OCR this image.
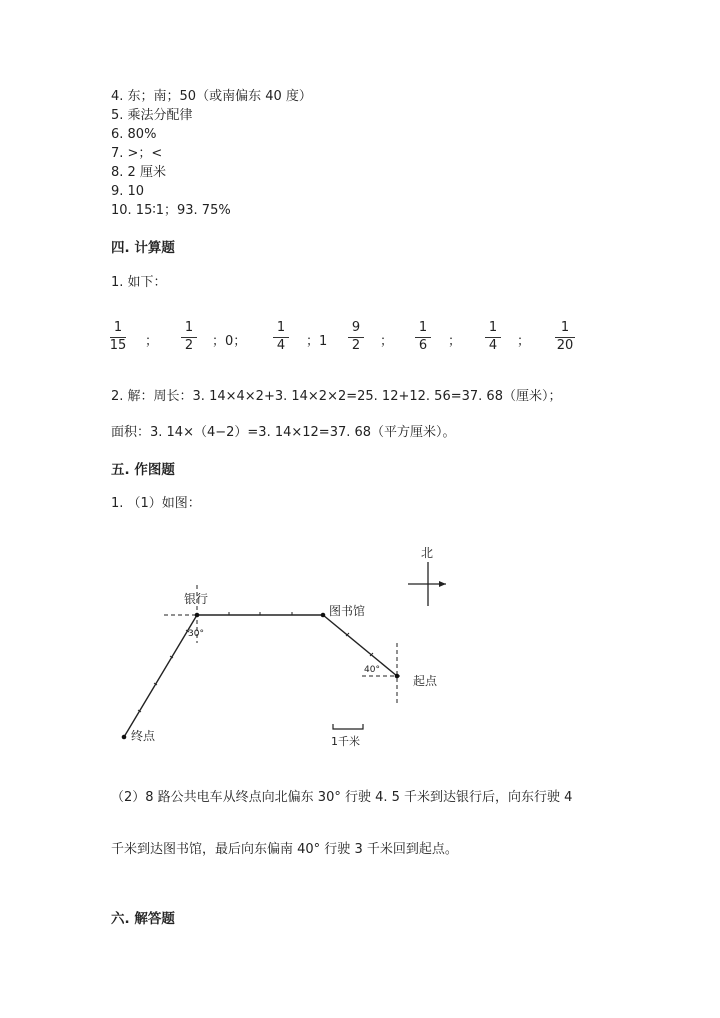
4. 东；南；50（或南偏东 40 度）
5. 乘法分配律
6. 80%
7. >；<
8. 2 厘米
9. 10
10. 15∶1；93. 75%
四. 计算题
1. 如下：
1
15 ；
1
2	；0；
1
4	；1
9
2	；
1
6	；
1
4	；
1
20
2. 解：周长：3. 14×4×2+3. 14×2×2=25. 12+12. 56=37. 68（厘米）；
面积：3. 14×（4−2）=3. 14×12=37. 68（平方厘米）。
五. 作图题
1. （1）如图：
北
银行
30°
图书馆
40°
起点
终点	1千米
（2）8 路公共电车从终点向北偏东 30° 行驶 4. 5 千米到达银行后，向东行驶 4
千米到达图书馆，最后向东偏南 40° 行驶 3 千米回到起点。
六. 解答题
